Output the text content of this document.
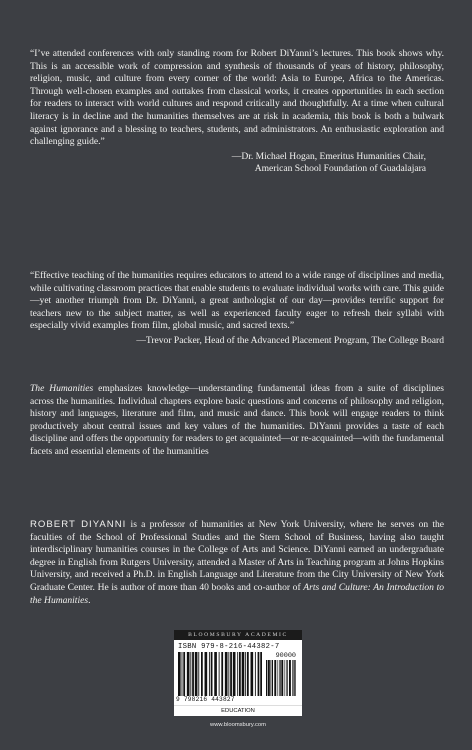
“I’ve attended conferences with only standing room for Robert DiYanni’s lectures. This book shows why. This is an accessible work of compression and synthesis of thousands of years of history, philosophy, religion, music, and culture from every corner of the world: Asia to Europe, Africa to the Americas. Through well-chosen examples and outtakes from classical works, it creates opportunities in each section for readers to interact with world cultures and respond critically and thoughtfully. At a time when cultural literacy is in decline and the humanities themselves are at risk in academia, this book is both a bulwark against ignorance and a blessing to teachers, students, and administrators. An enthusiastic exploration and challenging guide.”
—Dr. Michael Hogan, Emeritus Humanities Chair,
American School Foundation of Guadalajara
“Effective teaching of the humanities requires educators to attend to a wide range of disciplines and media, while cultivating classroom practices that enable students to evaluate individual works with care. This guide—yet another triumph from Dr. DiYanni, a great anthologist of our day—provides terrific support for teachers new to the subject matter, as well as experienced faculty eager to refresh their syllabi with especially vivid examples from film, global music, and sacred texts.”
—Trevor Packer, Head of the Advanced Placement Program, The College Board
The Humanities emphasizes knowledge—understanding fundamental ideas from a suite of disciplines across the humanities. Individual chapters explore basic questions and concerns of philosophy and religion, history and languages, literature and film, and music and dance. This book will engage readers to think productively about central issues and key values of the humanities. DiYanni provides a taste of each discipline and offers the opportunity for readers to get acquainted—or re-acquainted—with the fundamental facets and essential elements of the humanities
ROBERT DIYANNI is a professor of humanities at New York University, where he serves on the faculties of the School of Professional Studies and the Stern School of Business, having also taught interdisciplinary humanities courses in the College of Arts and Science. DiYanni earned an undergraduate degree in English from Rutgers University, attended a Master of Arts in Teaching program at Johns Hopkins University, and received a Ph.D. in English Language and Literature from the City University of New York Graduate Center. He is author of more than 40 books and co-author of Arts and Culture: An Introduction to the Humanities.
BLOOMSBURY ACADEMIC
ISBN 979-8-216-44382-7
90000
9 798216 443827
EDUCATION
www.bloomsbury.com
